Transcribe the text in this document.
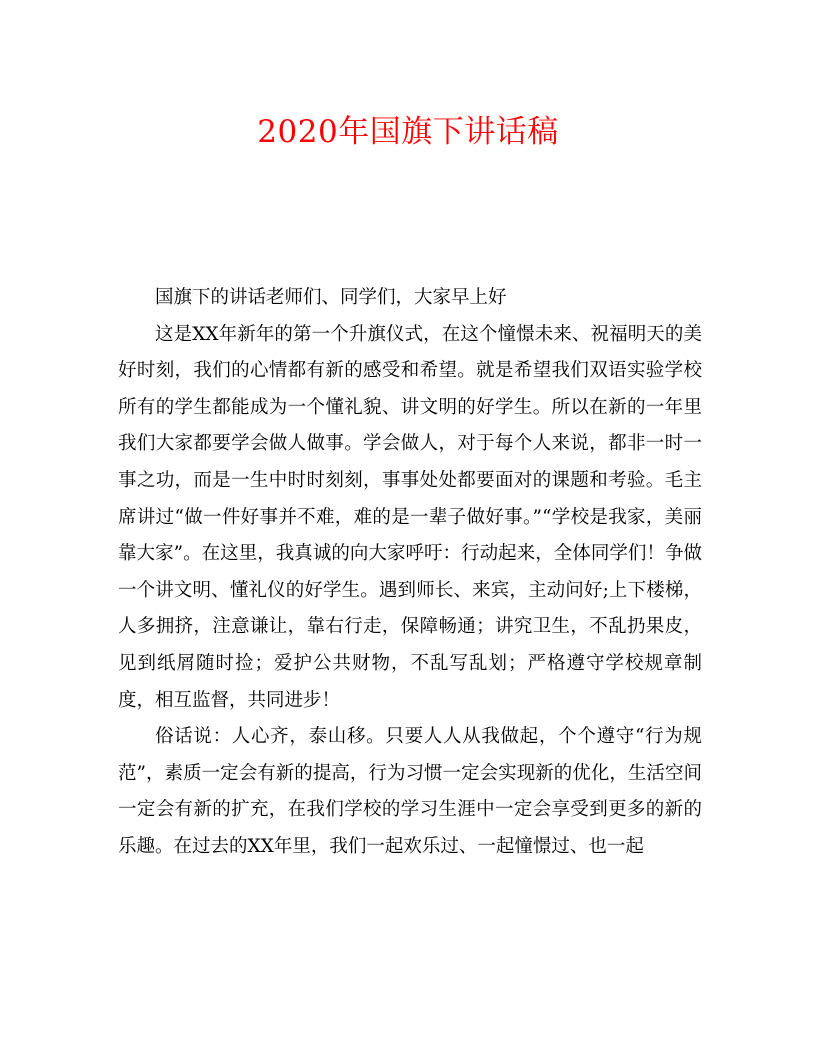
2020年国旗下讲话稿

国旗下的讲话老师们、同学们，大家早上好

这是XX年新年的第一个升旗仪式，在这个憧憬未来、祝福明天的美好时刻，我们的心情都有新的感受和希望。就是希望我们双语实验学校所有的学生都能成为一个懂礼貌、讲文明的好学生。所以在新的一年里我们大家都要学会做人做事。学会做人，对于每个人来说，都非一时一事之功，而是一生中时时刻刻，事事处处都要面对的课题和考验。毛主席讲过“做一件好事并不难，难的是一辈子做好事。”“学校是我家，美丽靠大家”。在这里，我真诚的向大家呼吁：行动起来，全体同学们！争做一个讲文明、懂礼仪的好学生。遇到师长、来宾，主动问好;上下楼梯，人多拥挤，注意谦让，靠右行走，保障畅通；讲究卫生，不乱扔果皮，见到纸屑随时捡；爱护公共财物，不乱写乱划；严格遵守学校规章制度，相互监督，共同进步！

俗话说：人心齐，泰山移。只要人人从我做起，个个遵守“行为规范”，素质一定会有新的提高，行为习惯一定会实现新的优化，生活空间一定会有新的扩充，在我们学校的学习生涯中一定会享受到更多的新的乐趣。在过去的XX年里，我们一起欢乐过、一起憧憬过、也一起
